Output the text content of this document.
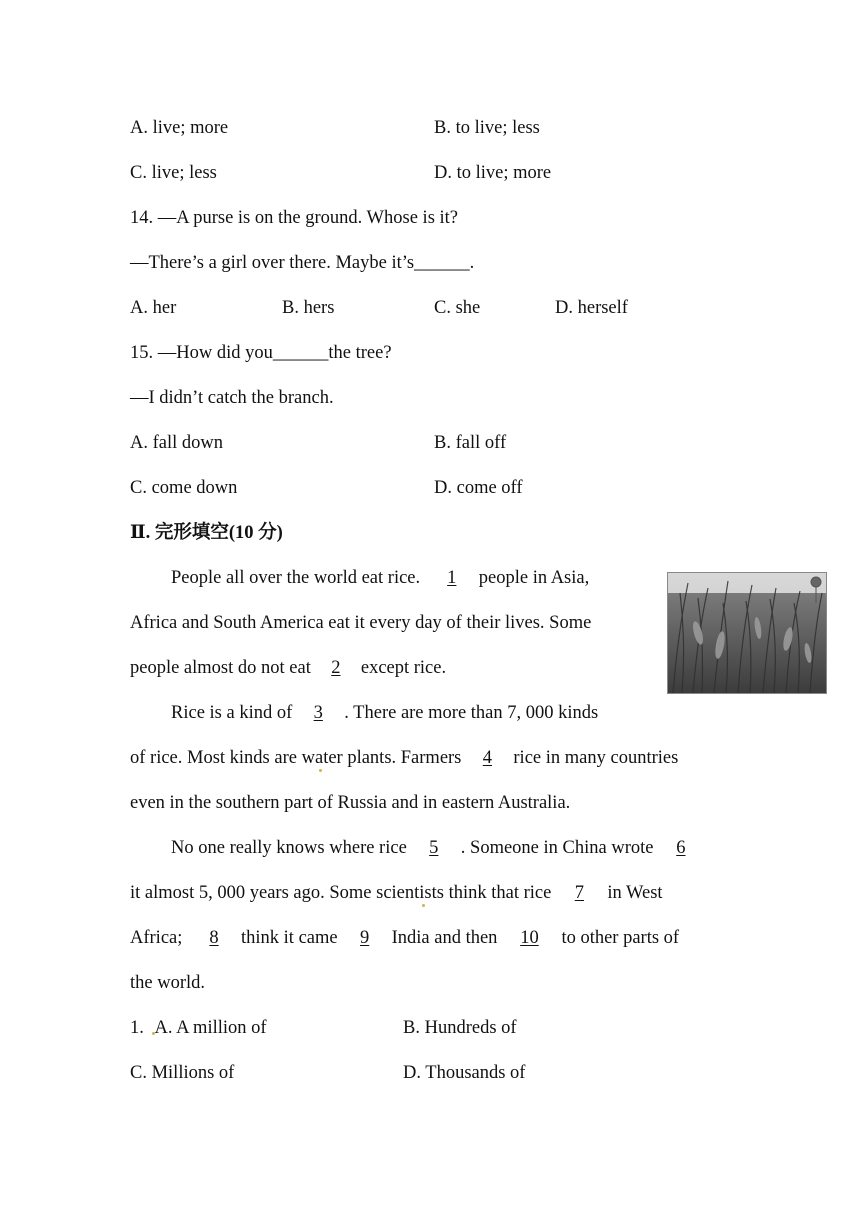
A. live; more	B. to live; less
C. live; less	D. to live; more
14. —A purse is on the ground. Whose is it?
—There’s a girl over there. Maybe it’s______.
A. her	B. hers	C. she	D. herself
15. —How did you______the tree?
—I didn’t catch the branch.
A. fall down	B. fall off
C. come down	D. come off
Ⅱ. 完形填空(10 分)
People all over the world eat rice. 1 people in Asia,
Africa and South America eat it every day of their lives. Some
people almost do not eat 2 except rice.
Rice is a kind of 3 . There are more than 7, 000 kinds
of rice. Most kinds are water plants. Farmers 4 rice in many countries
even in the southern part of Russia and in eastern Australia.
No one really knows where rice 5 . Someone in China wrote 6
it almost 5, 000 years ago. Some scientists think that rice 7 in West
Africa; 8 think it came 9 India and then 10 to other parts of
the world.
1. A. A million of	B. Hundreds of
C. Millions of	D. Thousands of
